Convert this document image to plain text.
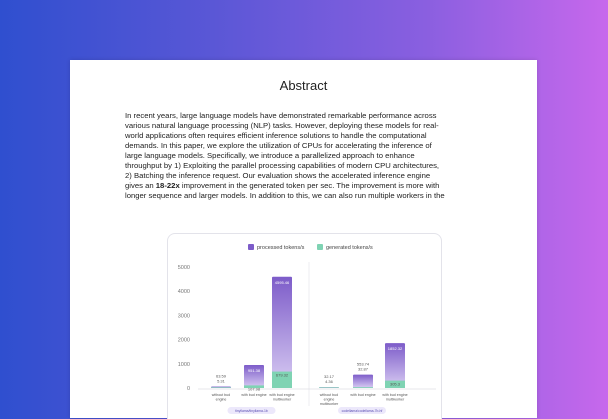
Abstract
In recent years, large language models have demonstrated remarkable performance across
various natural language processing (NLP) tasks. However, deploying these models for real-
world applications often requires efficient inference solutions to handle the computational
demands. In this paper, we explore the utilization of CPUs for accelerating the inference of
large language models. Specifically, we introduce a parallelized approach to enhance
throughput by 1) Exploiting the parallel processing capabilities of modern CPU architectures,
2) Batching the inference request. Our evaluation shows the accelerated inference engine
gives an 18-22x improvement in the generated token per sec. The improvement is more with
longer sequence and larger models. In addition to this, we can also run multiple workers in the
processed tokens/s	generated tokens/s
0
1000
2000
3000
4000
5000
63.59
5.31
without bud
engine
951.38
107.98
with bud engine
4595.46
679.32
with bud engine
multiworker
tinyllama/tinyllama-1b
32.17
4.36
without bud
engine
multiworker
553.74
32.87
with bud engine
1852.32
305.3
with bud engine
multiworker
codellama/codellama-7b-hf
